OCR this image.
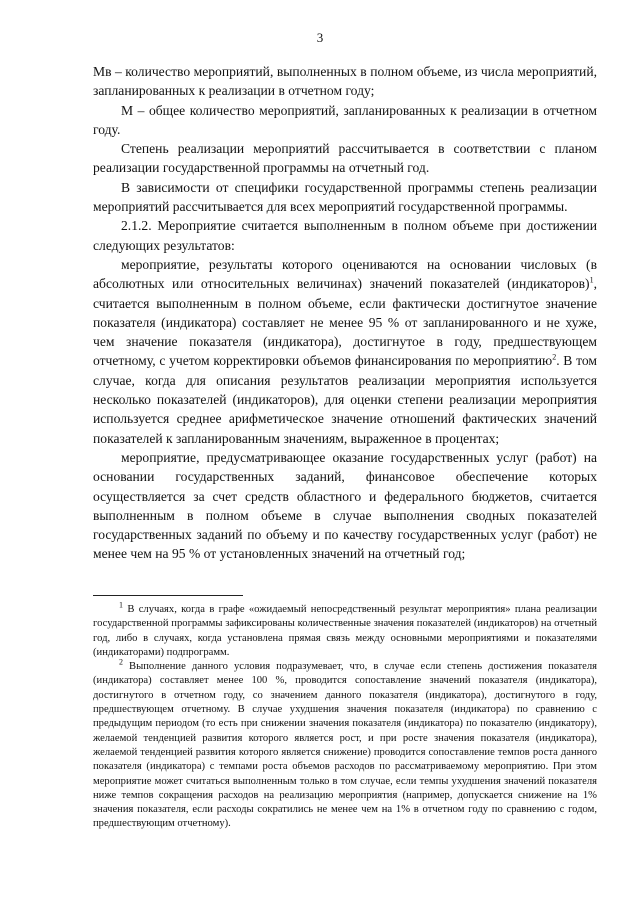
3

Мв – количество мероприятий, выполненных в полном объеме, из числа мероприятий, запланированных к реализации в отчетном году;

М – общее количество мероприятий, запланированных к реализации в отчетном году.

Степень реализации мероприятий рассчитывается в соответствии с планом реализации государственной программы на отчетный год.

В зависимости от специфики государственной программы степень реализации мероприятий рассчитывается для всех мероприятий государственной программы.

2.1.2. Мероприятие считается выполненным в полном объеме при достижении следующих результатов:

мероприятие, результаты которого оцениваются на основании числовых (в абсолютных или относительных величинах) значений показателей (индикаторов)$^1$, считается выполненным в полном объеме, если фактически достигнутое значение показателя (индикатора) составляет не менее 95 % от запланированного и не хуже, чем значение показателя (индикатора), достигнутое в году, предшествующем отчетному, с учетом корректировки объемов финансирования по мероприятию$^2$. В том случае, когда для описания результатов реализации мероприятия используется несколько показателей (индикаторов), для оценки степени реализации мероприятия используется среднее арифметическое значение отношений фактических значений показателей к запланированным значениям, выраженное в процентах;

мероприятие, предусматривающее оказание государственных услуг (работ) на основании государственных заданий, финансовое обеспечение которых осуществляется за счет средств областного и федерального бюджетов, считается выполненным в полном объеме в случае выполнения сводных показателей государственных заданий по объему и по качеству государственных услуг (работ) не менее чем на 95 % от установленных значений на отчетный год;

$^1$ В случаях, когда в графе «ожидаемый непосредственный результат мероприятия» плана реализации государственной программы зафиксированы количественные значения показателей (индикаторов) на отчетный год, либо в случаях, когда установлена прямая связь между основными мероприятиями и показателями (индикаторами) подпрограмм.

$^2$ Выполнение данного условия подразумевает, что, в случае если степень достижения показателя (индикатора) составляет менее 100 %, проводится сопоставление значений показателя (индикатора), достигнутого в отчетном году, со значением данного показателя (индикатора), достигнутого в году, предшествующем отчетному. В случае ухудшения значения показателя (индикатора) по сравнению с предыдущим периодом (то есть при снижении значения показателя (индикатора) по показателю (индикатору), желаемой тенденцией развития которого является рост, и при росте значения показателя (индикатора), желаемой тенденцией развития которого является снижение) проводится сопоставление темпов роста данного показателя (индикатора) с темпами роста объемов расходов по рассматриваемому мероприятию. При этом мероприятие может считаться выполненным только в том случае, если темпы ухудшения значений показателя ниже темпов сокращения расходов на реализацию мероприятия (например, допускается снижение на 1% значения показателя, если расходы сократились не менее чем на 1% в отчетном году по сравнению с годом, предшествующим отчетному).
